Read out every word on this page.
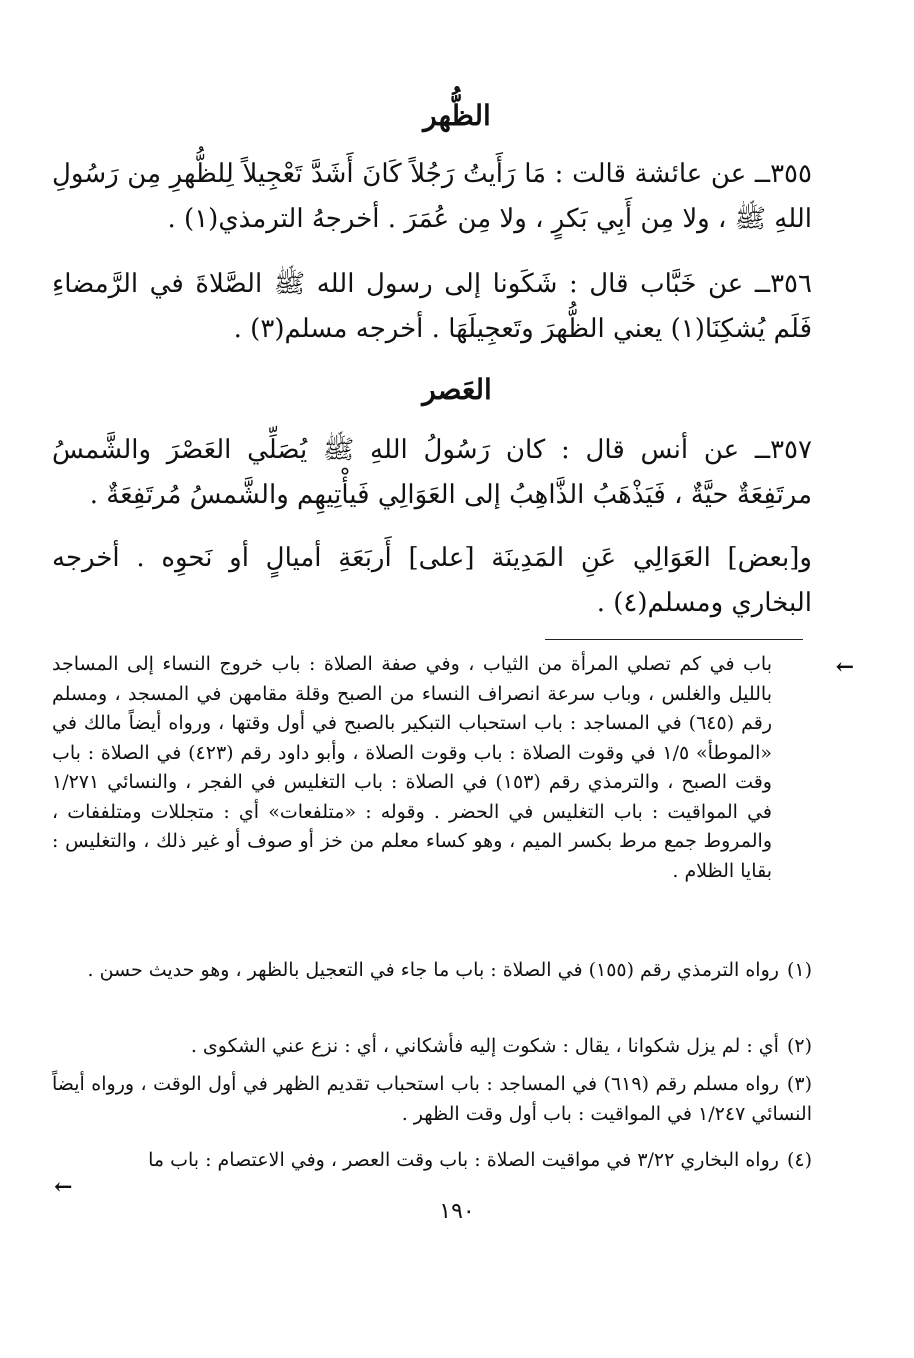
الظُّهر
٣٥٥ــ عن عائشة قالت : مَا رَأَيتُ رَجُلاً كَانَ أَشَدَّ تَعْجِيلاً لِلظُّهرِ مِن رَسُولِ اللهِ ﷺ ، ولا مِن أَبِي بَكرٍ ، ولا مِن عُمَرَ . أخرجهُ الترمذي(١) .
٣٥٦ــ عن خَبَّاب قال : شَكَونا إلى رسول الله ﷺ الصَّلاةَ في الرَّمضاءِ فَلَم يُشكِنَا(١) يعني الظُّهرَ وتَعجِيلَهَا . أخرجه مسلم(٣) .
العَصر
٣٥٧ــ عن أنس قال : كان رَسُولُ اللهِ ﷺ يُصَلِّي العَصْرَ والشَّمسُ مرتَفِعَةٌ حيَّةٌ ، فَيَذْهَبُ الذَّاهِبُ إلى العَوَالِي فَيأْتِيهِم والشَّمسُ مُرتَفِعَةٌ .
و[بعض] العَوَالِي عَنِ المَدِينَة [على] أَربَعَةِ أميالٍ أو نَحوِه . أخرجه البخاري ومسلم(٤) .
←
باب في كم تصلي المرأة من الثياب ، وفي صفة الصلاة : باب خروج النساء إلى المساجد بالليل والغلس ، وباب سرعة انصراف النساء من الصبح وقلة مقامهن في المسجد ، ومسلم رقم (٦٤٥) في المساجد : باب استحباب التبكير بالصبح في أول وقتها ، ورواه أيضاً مالك في «الموطأ» ١/٥ في وقوت الصلاة : باب وقوت الصلاة ، وأبو داود رقم (٤٢٣) في الصلاة : باب وقت الصبح ، والترمذي رقم (١٥٣) في الصلاة : باب التغليس في الفجر ، والنسائي ١/٢٧١ في المواقيت : باب التغليس في الحضر . وقوله : «متلفعات» أي : متجللات ومتلففات ، والمروط جمع مرط بكسر الميم ، وهو كساء معلم من خز أو صوف أو غير ذلك ، والتغليس : بقايا الظلام .
(١)رواه الترمذي رقم (١٥٥) في الصلاة : باب ما جاء في التعجيل بالظهر ، وهو حديث حسن .
(٢)أي : لم يزل شكوانا ، يقال : شكوت إليه فأشكاني ، أي : نزع عني الشكوى .
(٣)رواه مسلم رقم (٦١٩) في المساجد : باب استحباب تقديم الظهر في أول الوقت ، ورواه أيضاً النسائي ١/٢٤٧ في المواقيت : باب أول وقت الظهر .
(٤)رواه البخاري ٣/٢٢ في مواقيت الصلاة : باب وقت العصر ، وفي الاعتصام : باب ما
←
١٩٠
